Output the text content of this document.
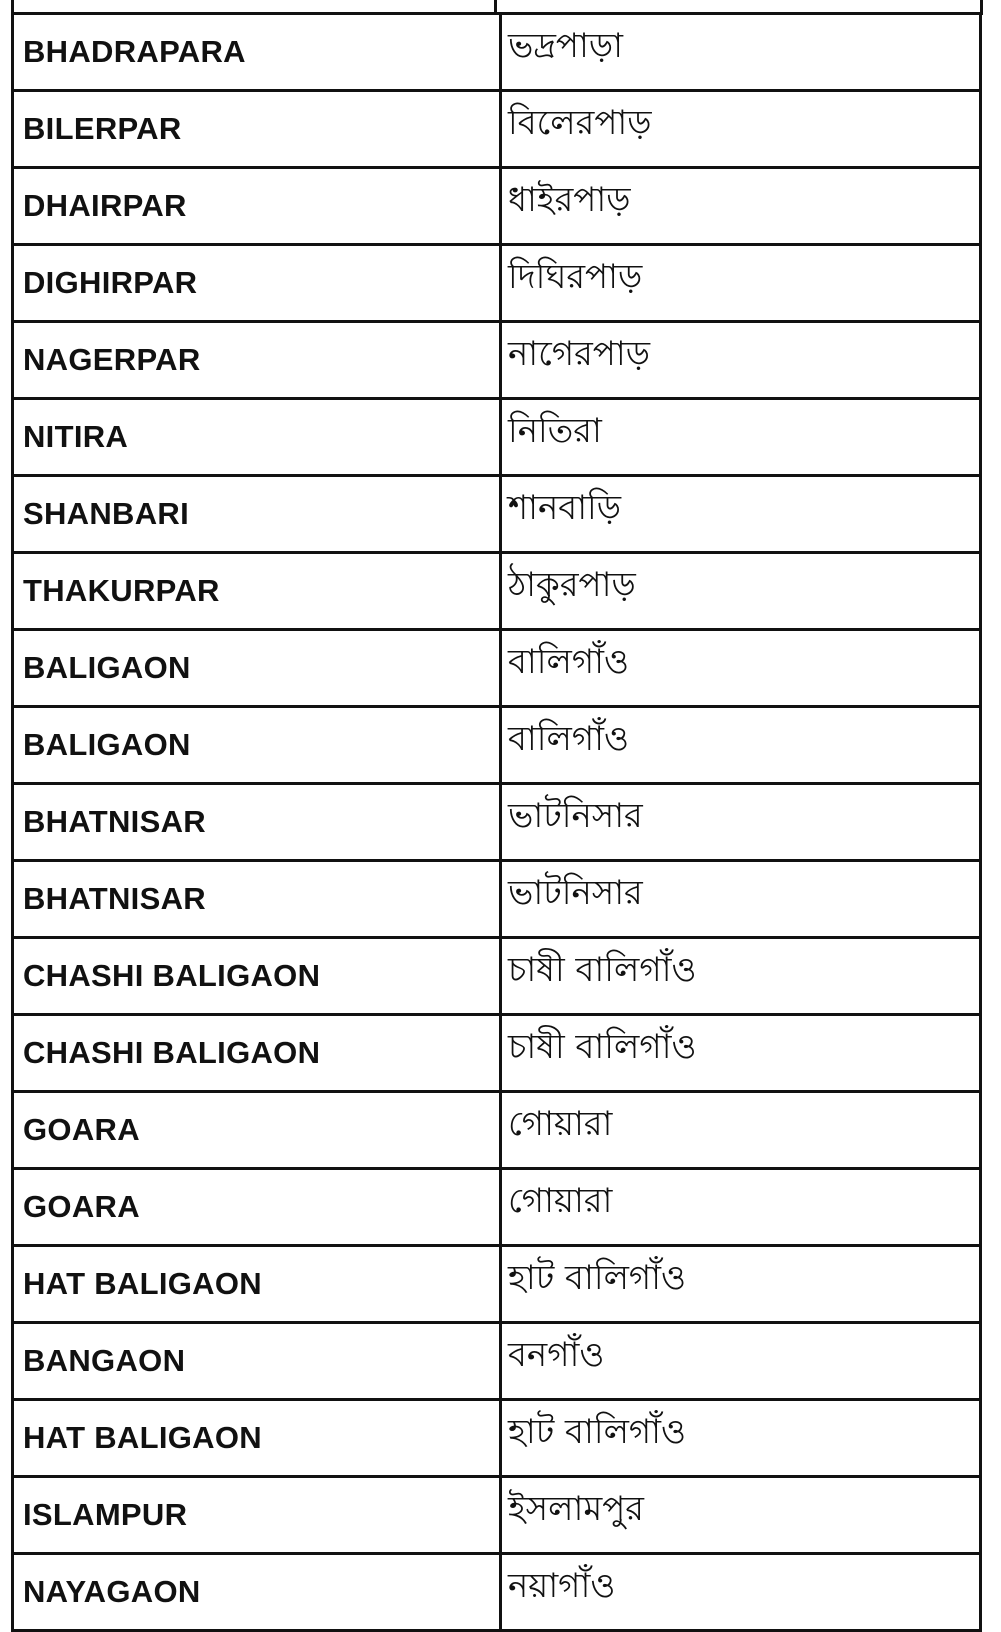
BHADRAPARA	ভদ্রপাড়া
BILERPAR	বিলেরপাড়
DHAIRPAR	ধাইরপাড়
DIGHIRPAR	দিঘিরপাড়
NAGERPAR	নাগেরপাড়
NITIRA	নিতিরা
SHANBARI	শানবাড়ি
THAKURPAR	ঠাকুরপাড়
BALIGAON	বালিগাঁও
BALIGAON	বালিগাঁও
BHATNISAR	ভাটনিসার
BHATNISAR	ভাটনিসার
CHASHI BALIGAON	চাষী বালিগাঁও
CHASHI BALIGAON	চাষী বালিগাঁও
GOARA	গোয়ারা
GOARA	গোয়ারা
HAT BALIGAON	হাট বালিগাঁও
BANGAON	বনগাঁও
HAT BALIGAON	হাট বালিগাঁও
ISLAMPUR	ইসলামপুর
NAYAGAON	নয়াগাঁও
